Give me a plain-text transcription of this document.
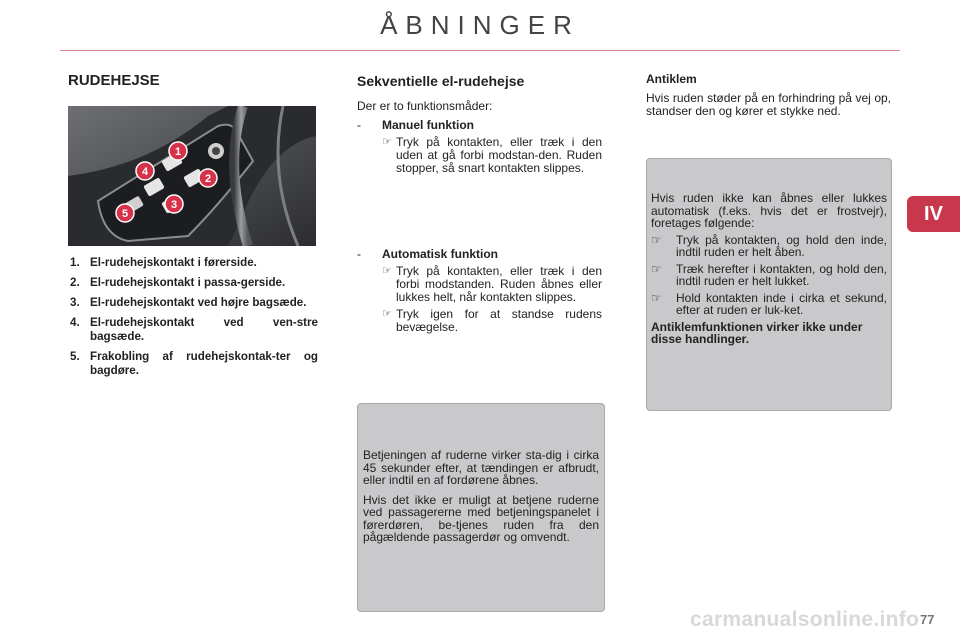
ÅBNINGER
IV
RUDEHEJSE
1
2
3
4
5
1. El-rudehejskontakt i førerside.
2. El-rudehejskontakt i passa-gerside.
3. El-rudehejskontakt ved højre bagsæde.
4. El-rudehejskontakt ved ven-stre bagsæde.
5. Frakobling af rudehejskontak-ter og bagdøre.
Sekventielle el-rudehejse
Der er to funktionsmåder:
-	Manuel funktion
☞ Tryk på kontakten, eller træk i den uden at gå forbi modstan-den. Ruden stopper, så snart kontakten slippes.
-	Automatisk funktion
☞ Tryk på kontakten, eller træk i den forbi modstanden. Ruden åbnes eller lukkes helt, når kontakten slippes.
☞ Tryk igen for at standse rudens bevægelse.

Betjeningen af ruderne virker sta-dig i cirka 45 sekunder efter, at tændingen er afbrudt, eller indtil en af fordørene åbnes.

Hvis det ikke er muligt at betjene ruderne ved passagererne med betjeningspanelet i førerdøren, be-tjenes ruden fra den pågældende passagerdør og omvendt.

Antiklem

Hvis ruden støder på en forhindring på vej op, standser den og kører et stykke ned.

Hvis ruden ikke kan åbnes eller lukkes automatisk (f.eks. hvis det er frostvejr), foretages følgende:

☞	Tryk på kontakten, og hold den inde, indtil ruden er helt åben.
☞	Træk herefter i kontakten, og hold den, indtil ruden er helt lukket.
☞	Hold kontakten inde i cirka et sekund, efter at ruden er luk-ket.
Antiklemfunktionen virker ikke under disse handlinger.
carmanualsonline.info 77
